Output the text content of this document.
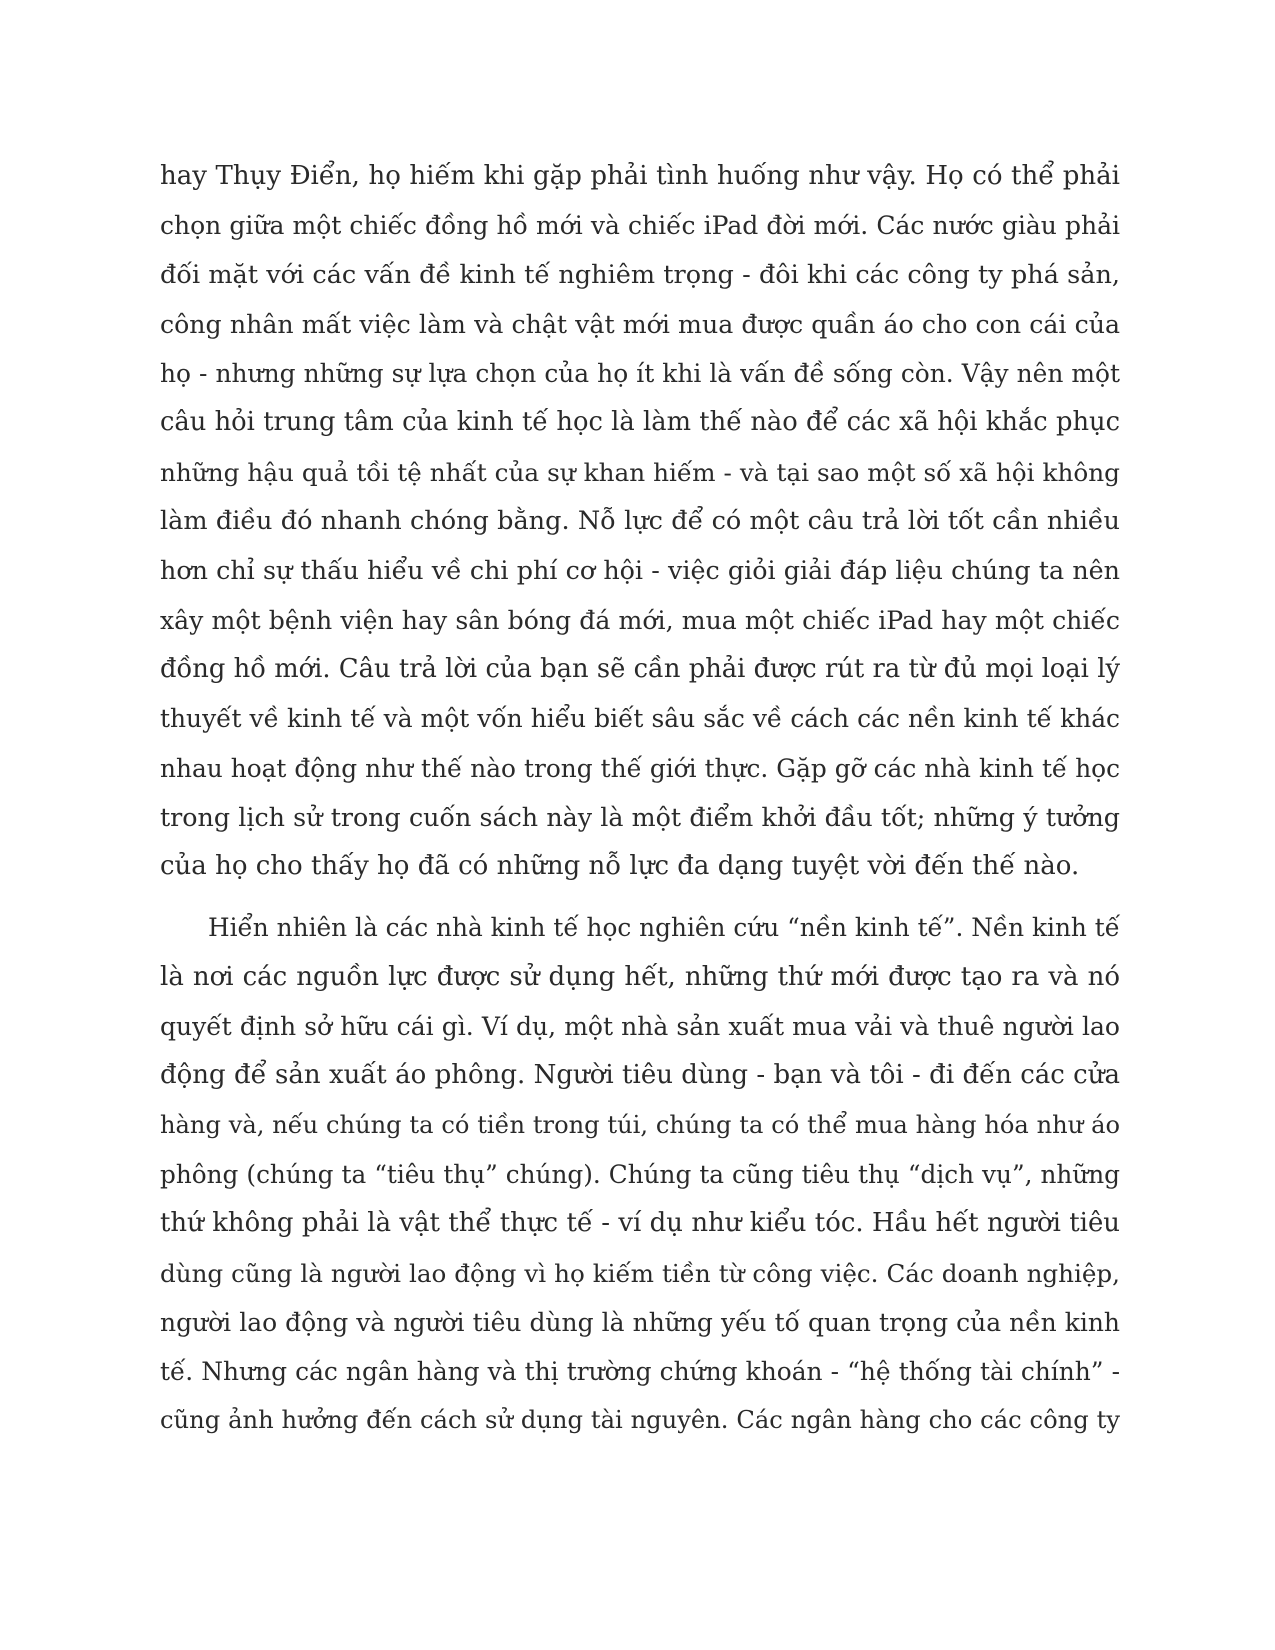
hay Thụy Điển, họ hiếm khi gặp phải tình huống như vậy. Họ có thể phải
chọn giữa một chiếc đồng hồ mới và chiếc iPad đời mới. Các nước giàu phải
đối mặt với các vấn đề kinh tế nghiêm trọng - đôi khi các công ty phá sản,
công nhân mất việc làm và chật vật mới mua được quần áo cho con cái của
họ - nhưng những sự lựa chọn của họ ít khi là vấn đề sống còn. Vậy nên một
câu hỏi trung tâm của kinh tế học là làm thế nào để các xã hội khắc phục
những hậu quả tồi tệ nhất của sự khan hiếm - và tại sao một số xã hội không
làm điều đó nhanh chóng bằng. Nỗ lực để có một câu trả lời tốt cần nhiều
hơn chỉ sự thấu hiểu về chi phí cơ hội - việc giỏi giải đáp liệu chúng ta nên
xây một bệnh viện hay sân bóng đá mới, mua một chiếc iPad hay một chiếc
đồng hồ mới. Câu trả lời của bạn sẽ cần phải được rút ra từ đủ mọi loại lý
thuyết về kinh tế và một vốn hiểu biết sâu sắc về cách các nền kinh tế khác
nhau hoạt động như thế nào trong thế giới thực. Gặp gỡ các nhà kinh tế học
trong lịch sử trong cuốn sách này là một điểm khởi đầu tốt; những ý tưởng
của họ cho thấy họ đã có những nỗ lực đa dạng tuyệt vời đến thế nào.
Hiển nhiên là các nhà kinh tế học nghiên cứu “nền kinh tế”. Nền kinh tế
là nơi các nguồn lực được sử dụng hết, những thứ mới được tạo ra và nó
quyết định sở hữu cái gì. Ví dụ, một nhà sản xuất mua vải và thuê người lao
động để sản xuất áo phông. Người tiêu dùng - bạn và tôi - đi đến các cửa
hàng và, nếu chúng ta có tiền trong túi, chúng ta có thể mua hàng hóa như áo
phông (chúng ta “tiêu thụ” chúng). Chúng ta cũng tiêu thụ “dịch vụ”, những
thứ không phải là vật thể thực tế - ví dụ như kiểu tóc. Hầu hết người tiêu
dùng cũng là người lao động vì họ kiếm tiền từ công việc. Các doanh nghiệp,
người lao động và người tiêu dùng là những yếu tố quan trọng của nền kinh
tế. Nhưng các ngân hàng và thị trường chứng khoán - “hệ thống tài chính” -
cũng ảnh hưởng đến cách sử dụng tài nguyên. Các ngân hàng cho các công ty
